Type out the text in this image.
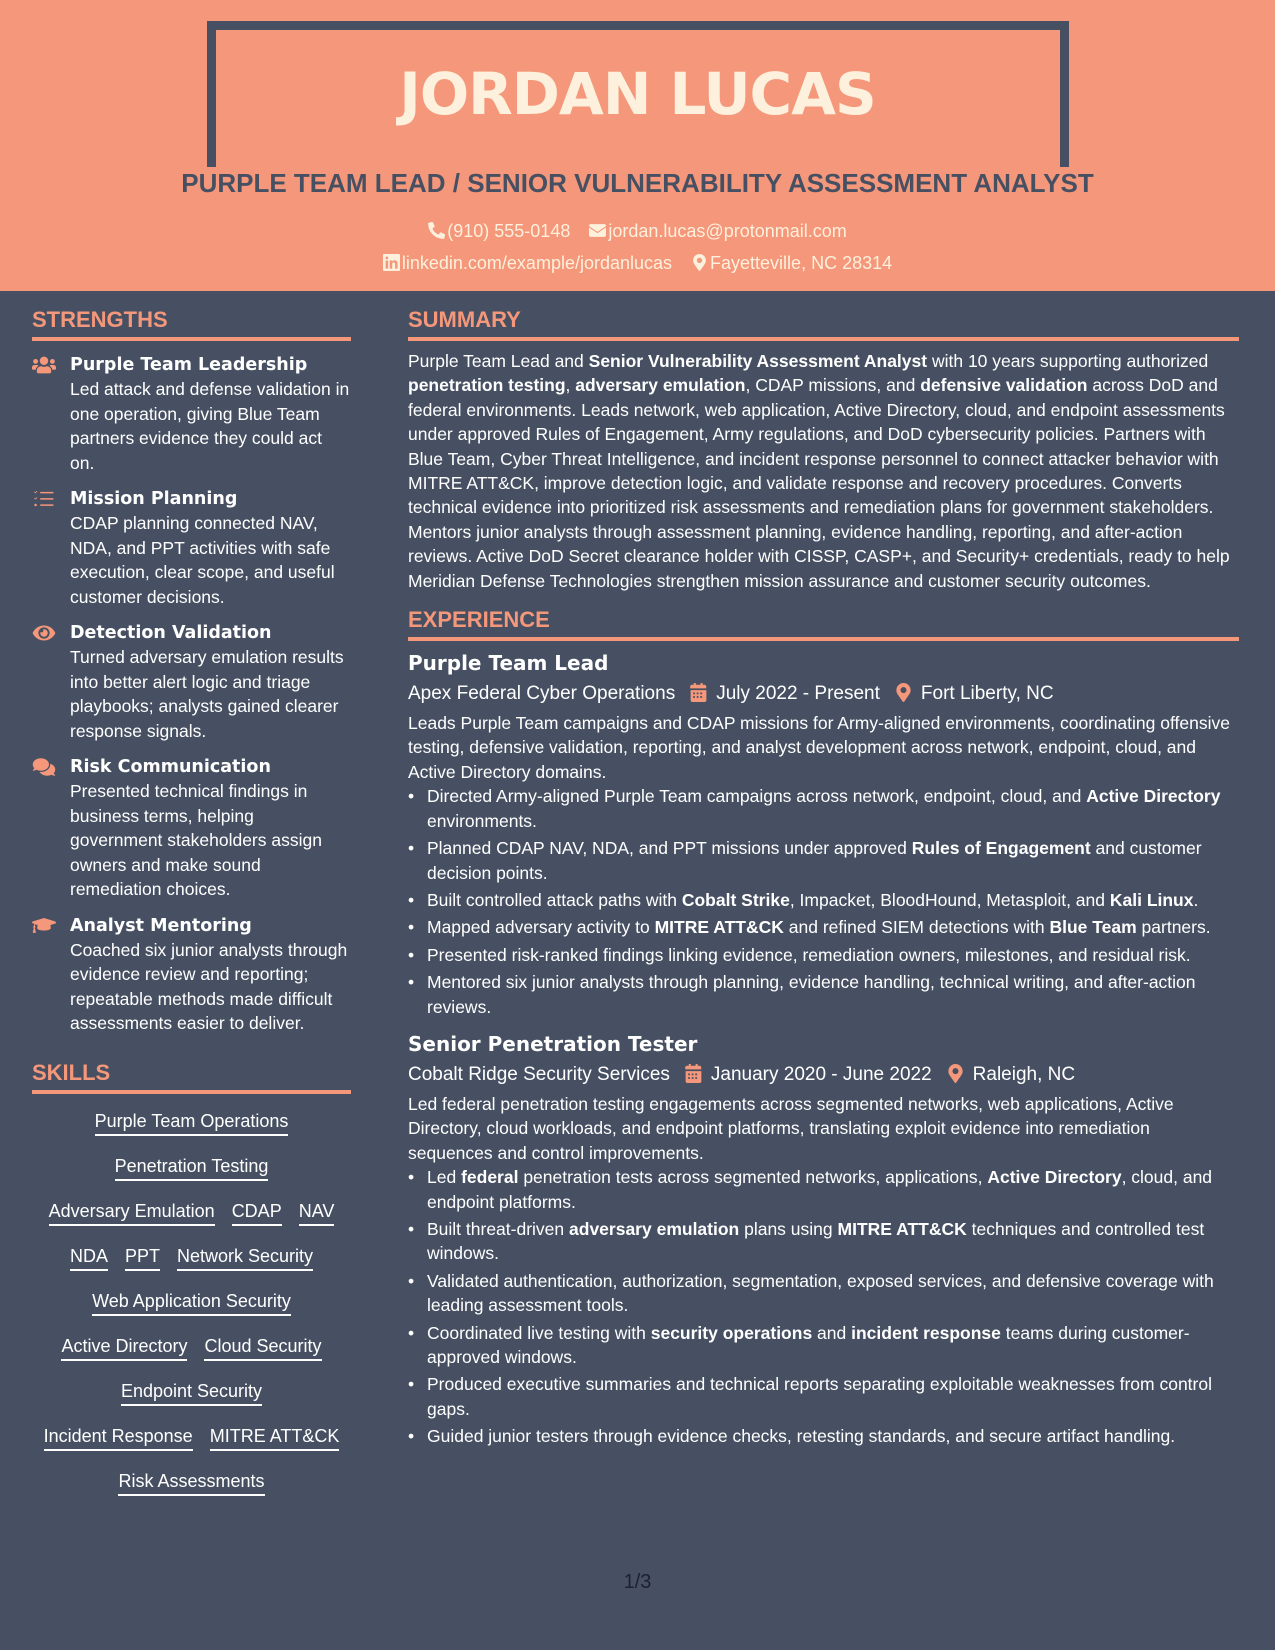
JORDAN LUCAS
PURPLE TEAM LEAD / SENIOR VULNERABILITY ASSESSMENT ANALYST
(910) 555-0148 jordan.lucas@protonmail.com
linkedin.com/example/jordanlucas Fayetteville, NC 28314
STRENGTHS
Purple Team Leadership
Led attack and defense validation in one operation, giving Blue Team partners evidence they could act on.
Mission Planning
CDAP planning connected NAV, NDA, and PPT activities with safe execution, clear scope, and useful customer decisions.
Detection Validation
Turned adversary emulation results into better alert logic and triage playbooks; analysts gained clearer response signals.
Risk Communication
Presented technical findings in business terms, helping government stakeholders assign owners and make sound remediation choices.
Analyst Mentoring
Coached six junior analysts through evidence review and reporting; repeatable methods made difficult assessments easier to deliver.
SKILLS
Purple Team Operations
Penetration Testing
Adversary Emulation CDAP NAV
NDA PPT Network Security
Web Application Security
Active Directory Cloud Security
Endpoint Security
Incident Response MITRE ATT&CK
Risk Assessments
SUMMARY
Purple Team Lead and Senior Vulnerability Assessment Analyst with 10 years supporting authorized penetration testing, adversary emulation, CDAP missions, and defensive validation across DoD and federal environments. Leads network, web application, Active Directory, cloud, and endpoint assessments under approved Rules of Engagement, Army regulations, and DoD cybersecurity policies. Partners with Blue Team, Cyber Threat Intelligence, and incident response personnel to connect attacker behavior with MITRE ATT&CK, improve detection logic, and validate response and recovery procedures. Converts technical evidence into prioritized risk assessments and remediation plans for government stakeholders. Mentors junior analysts through assessment planning, evidence handling, reporting, and after-action reviews. Active DoD Secret clearance holder with CISSP, CASP+, and Security+ credentials, ready to help Meridian Defense Technologies strengthen mission assurance and customer security outcomes.
EXPERIENCE
Purple Team Lead
Apex Federal Cyber Operations July 2022 - Present Fort Liberty, NC
Leads Purple Team campaigns and CDAP missions for Army-aligned environments, coordinating offensive testing, defensive validation, reporting, and analyst development across network, endpoint, cloud, and Active Directory domains.
• Directed Army-aligned Purple Team campaigns across network, endpoint, cloud, and Active Directory environments.
• Planned CDAP NAV, NDA, and PPT missions under approved Rules of Engagement and customer decision points.
• Built controlled attack paths with Cobalt Strike, Impacket, BloodHound, Metasploit, and Kali Linux.
• Mapped adversary activity to MITRE ATT&CK and refined SIEM detections with Blue Team partners.
• Presented risk-ranked findings linking evidence, remediation owners, milestones, and residual risk.
• Mentored six junior analysts through planning, evidence handling, technical writing, and after-action reviews.
Senior Penetration Tester
Cobalt Ridge Security Services January 2020 - June 2022 Raleigh, NC
Led federal penetration testing engagements across segmented networks, web applications, Active Directory, cloud workloads, and endpoint platforms, translating exploit evidence into remediation sequences and control improvements.
• Led federal penetration tests across segmented networks, applications, Active Directory, cloud, and endpoint platforms.
• Built threat-driven adversary emulation plans using MITRE ATT&CK techniques and controlled test windows.
• Validated authentication, authorization, segmentation, exposed services, and defensive coverage with leading assessment tools.
• Coordinated live testing with security operations and incident response teams during customer-approved windows.
• Produced executive summaries and technical reports separating exploitable weaknesses from control gaps.
• Guided junior testers through evidence checks, retesting standards, and secure artifact handling.
1/3
